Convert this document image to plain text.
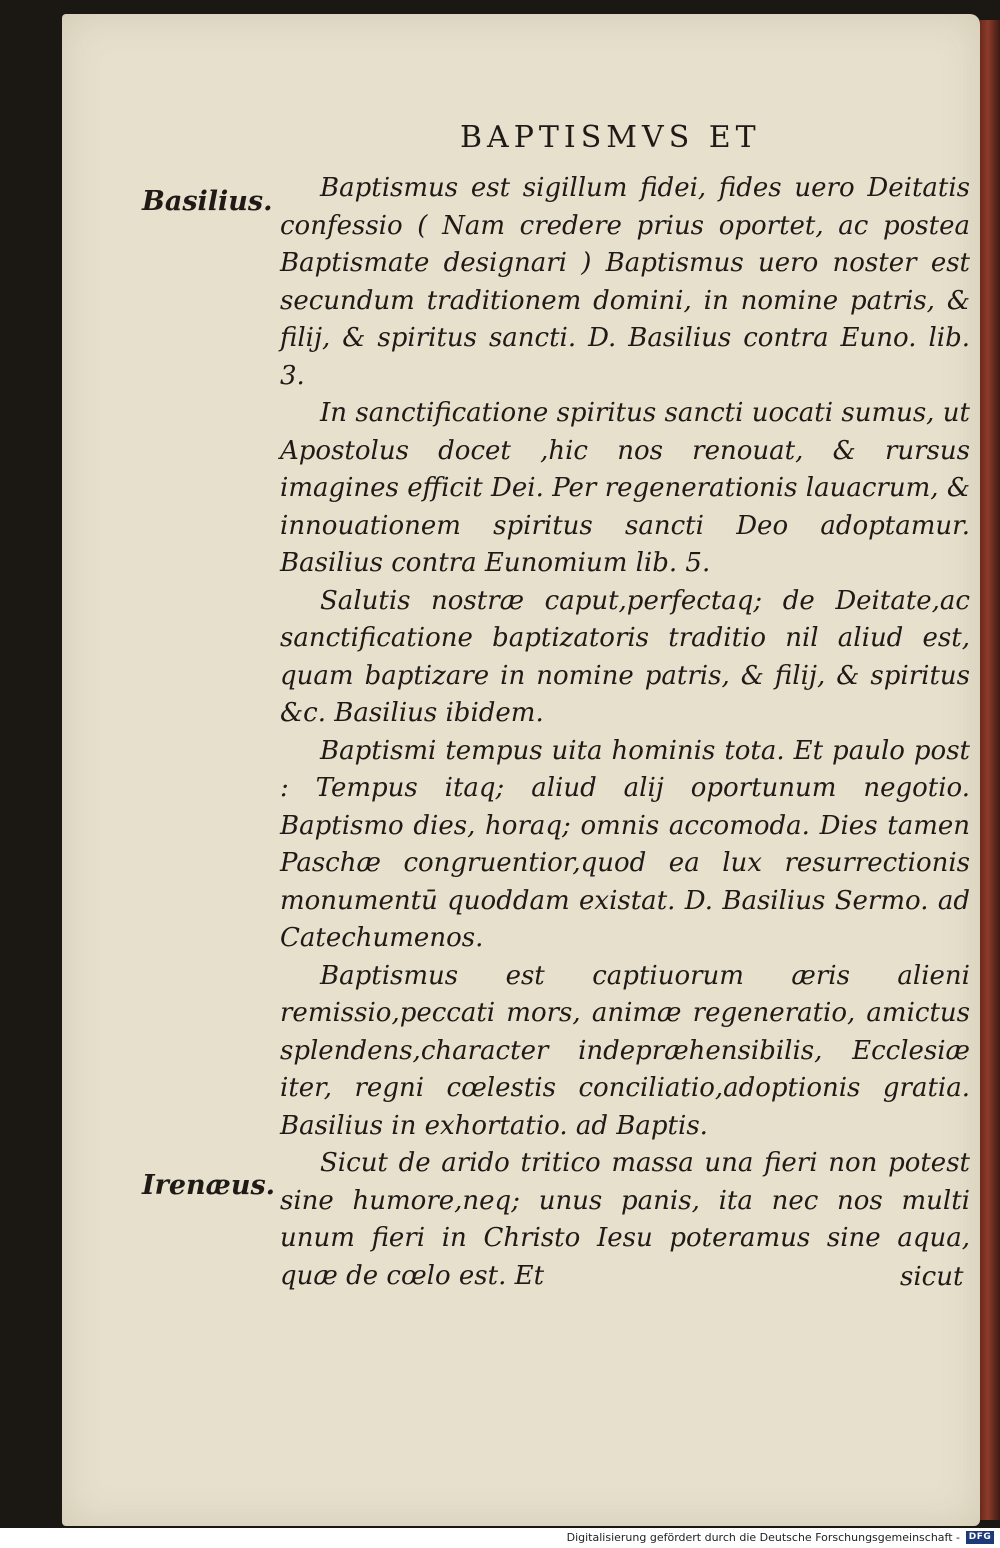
BAPTISMVS ET
Basilius.
Irenæus.

Baptismus est sigillum fidei, fides uero Deitatis confessio ( Nam credere prius oportet, ac postea Baptismate designari ) Baptismus uero noster est secundum traditionem domini, in nomine patris, & filij, & spiritus sancti. D. Basilius contra Euno. lib. 3.

In sanctificatione spiritus sancti uocati sumus, ut Apostolus docet ,hic nos renouat, & rursus imagines efficit Dei. Per regenerationis lauacrum, & innouationem spiritus sancti Deo adoptamur. Basilius contra Eunomium lib. 5.

Salutis nostræ caput,perfectaq; de Deitate,ac sanctificatione baptizatoris traditio nil aliud est, quam baptizare in nomine patris, & filij, & spiritus &c. Basilius ibidem.

Baptismi tempus uita hominis tota. Et paulo post : Tempus itaq; aliud alij oportunum negotio. Baptismo dies, horaq; omnis accomoda. Dies tamen Paschæ congruentior,quod ea lux resurrectionis monumentū quoddam existat. D. Basilius Sermo. ad Catechumenos.

Baptismus est captiuorum æris alieni remissio,peccati mors, animæ regeneratio, amictus splendens,character indepræhensibilis, Ecclesiæ iter, regni cœlestis conciliatio,adoptionis gratia. Basilius in exhortatio. ad Baptis.

Sicut de arido tritico massa una fieri non potest sine humore,neq; unus panis, ita nec nos multi unum fieri in Christo Iesu poteramus sine aqua, quæ de cœlo est. Et	sicut
Digitalisierung gefördert durch die Deutsche Forschungsgemeinschaft - DFG
